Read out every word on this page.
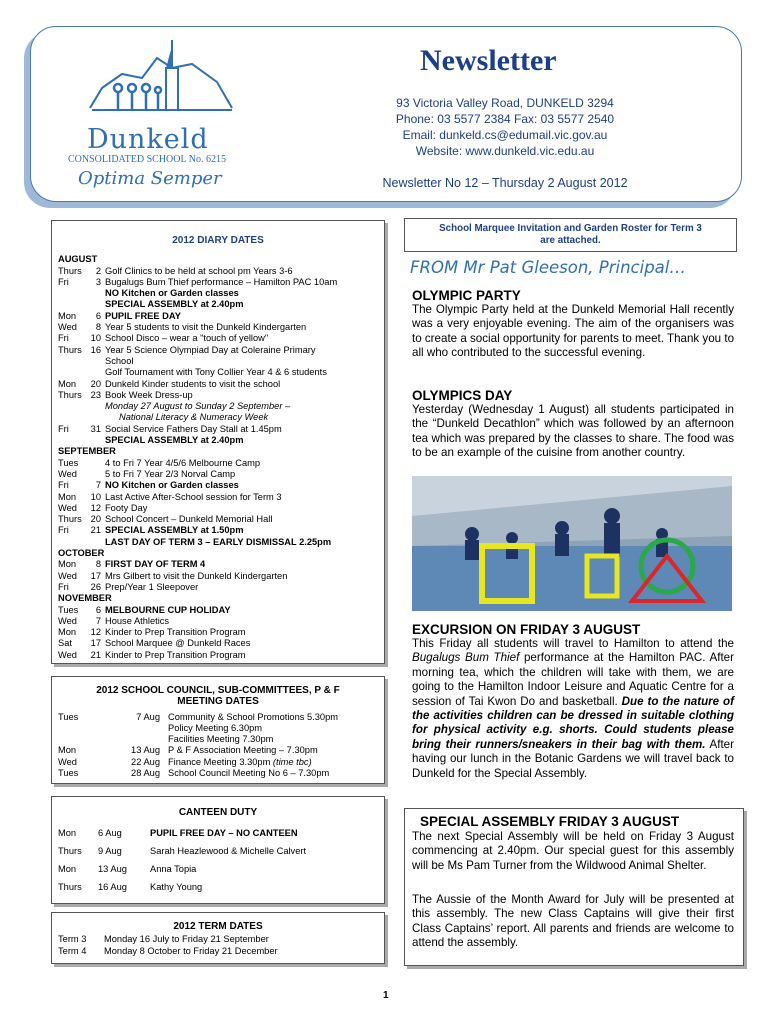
Dunkeld
CONSOLIDATED SCHOOL No. 6215
Optima Semper
Newsletter
93 Victoria Valley Road, DUNKELD 3294
Phone: 03 5577 2384 Fax: 03 5577 2540
Email: dunkeld.cs@edumail.vic.gov.au
Website: www.dunkeld.vic.edu.au
Newsletter No 12 – Thursday 2 August 2012
2012 DIARY DATES
AUGUST
Thurs	2 Golf Clinics to be held at school pm Years 3-6
Fri	3 Bugalugs Bum Thief performance – Hamilton PAC 10am
NO Kitchen or Garden classes
SPECIAL ASSEMBLY at 2.40pm
Mon	6 PUPIL FREE DAY
Wed	8 Year 5 students to visit the Dunkeld Kindergarten
Fri	10 School Disco – wear a "touch of yellow"
Thurs 16 Year 5 Science Olympiad Day at Coleraine Primary
School
Golf Tournament with Tony Collier Year 4 & 6 students
Mon	20 Dunkeld Kinder students to visit the school
Thurs 23 Book Week Dress-up
Monday 27 August to Sunday 2 September –
National Literacy & Numeracy Week
Fri	31 Social Service Fathers Day Stall at 1.45pm
SPECIAL ASSEMBLY at 2.40pm
SEPTEMBER
Tues	4 to Fri 7 Year 4/5/6 Melbourne Camp
Wed	5 to Fri 7 Year 2/3 Norval Camp
Fri	7 NO Kitchen or Garden classes
Mon	10 Last Active After-School session for Term 3
Wed	12 Footy Day
Thurs 20 School Concert – Dunkeld Memorial Hall
Fri	21 SPECIAL ASSEMBLY at 1.50pm
LAST DAY OF TERM 3 – EARLY DISMISSAL 2.25pm
OCTOBER
Mon	8 FIRST DAY OF TERM 4
Wed	17 Mrs Gilbert to visit the Dunkeld Kindergarten
Fri	26 Prep/Year 1 Sleepover
NOVEMBER
Tues	6 MELBOURNE CUP HOLIDAY
Wed	7 House Athletics
Mon	12 Kinder to Prep Transition Program
Sat	17 School Marquee @ Dunkeld Races
Wed	21 Kinder to Prep Transition Program
2012 SCHOOL COUNCIL, SUB-COMMITTEES, P & F
MEETING DATES
Tues	7 Aug Community & School Promotions 5.30pm
Policy Meeting 6.30pm
Facilities Meeting 7.30pm
Mon	13 Aug P & F Association Meeting – 7.30pm
Wed	22 Aug Finance Meeting 3.30pm (time tbc)
Tues	28 Aug School Council Meeting No 6 – 7.30pm
CANTEEN DUTY
Mon	6 Aug	PUPIL FREE DAY – NO CANTEEN
Thurs	9 Aug	Sarah Heazlewood & Michelle Calvert
Mon	13 Aug	Anna Topia
Thurs	16 Aug	Kathy Young
2012 TERM DATES
Term 3	Monday 16 July to Friday 21 September
Term 4	Monday 8 October to Friday 21 December
School Marquee Invitation and Garden Roster for Term 3
are attached.
FROM Mr Pat Gleeson, Principal…
OLYMPIC PARTY
The Olympic Party held at the Dunkeld Memorial Hall recently was a very enjoyable evening. The aim of the organisers was to create a social opportunity for parents to meet. Thank you to all who contributed to the successful evening.
OLYMPICS DAY
Yesterday (Wednesday 1 August) all students participated in the “Dunkeld Decathlon” which was followed by an afternoon tea which was prepared by the classes to share. The food was to be an example of the cuisine from another country.
EXCURSION ON FRIDAY 3 AUGUST
This Friday all students will travel to Hamilton to attend the Bugalugs Bum Thief performance at the Hamilton PAC. After morning tea, which the children will take with them, we are going to the Hamilton Indoor Leisure and Aquatic Centre for a session of Tai Kwon Do and basketball. Due to the nature of the activities children can be dressed in suitable clothing for physical activity e.g. shorts. Could students please bring their runners/sneakers in their bag with them. After having our lunch in the Botanic Gardens we will travel back to Dunkeld for the Special Assembly.
SPECIAL ASSEMBLY FRIDAY 3 AUGUST
The next Special Assembly will be held on Friday 3 August commencing at 2.40pm. Our special guest for this assembly will be Ms Pam Turner from the Wildwood Animal Shelter.
The Aussie of the Month Award for July will be presented at this assembly. The new Class Captains will give their first Class Captains’ report. All parents and friends are welcome to attend the assembly.
1
